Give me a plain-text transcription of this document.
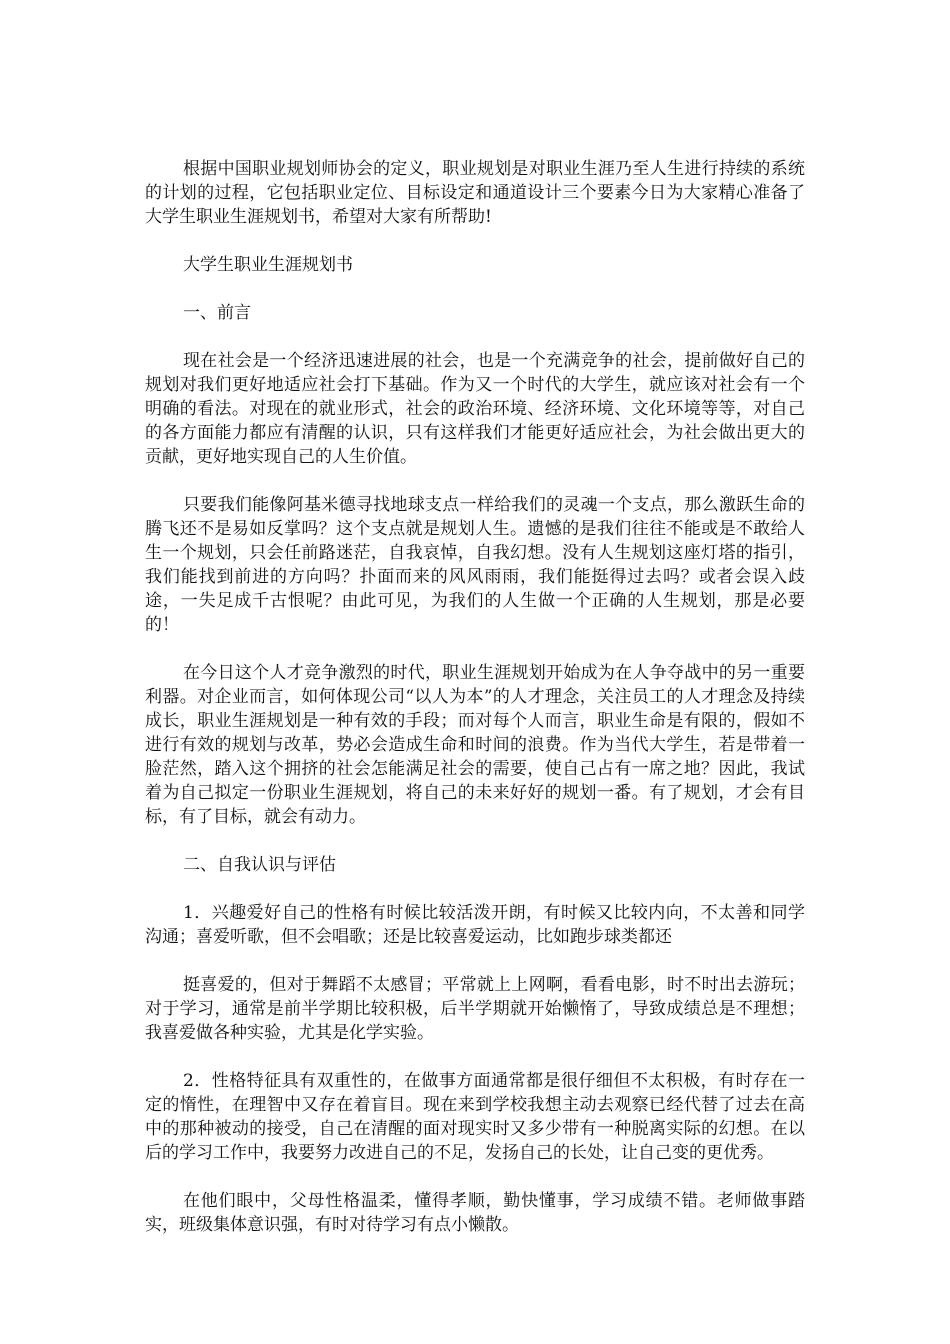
根据中国职业规划师协会的定义，职业规划是对职业生涯乃至人生进行持续的系统的计划的过程，它包括职业定位、目标设定和通道设计三个要素今日为大家精心准备了大学生职业生涯规划书，希望对大家有所帮助!

大学生职业生涯规划书

一、前言

现在社会是一个经济迅速进展的社会，也是一个充满竞争的社会，提前做好自己的规划对我们更好地适应社会打下基础。作为又一个时代的大学生，就应该对社会有一个明确的看法。对现在的就业形式，社会的政治环境、经济环境、文化环境等等，对自己的各方面能力都应有清醒的认识，只有这样我们才能更好适应社会，为社会做出更大的贡献，更好地实现自己的人生价值。

只要我们能像阿基米德寻找地球支点一样给我们的灵魂一个支点，那么激跃生命的腾飞还不是易如反掌吗？这个支点就是规划人生。遗憾的是我们往往不能或是不敢给人生一个规划，只会任前路迷茫，自我哀悼，自我幻想。没有人生规划这座灯塔的指引，我们能找到前进的方向吗？扑面而来的风风雨雨，我们能挺得过去吗？或者会误入歧途，一失足成千古恨呢？由此可见，为我们的人生做一个正确的人生规划，那是必要的！

在今日这个人才竞争激烈的时代，职业生涯规划开始成为在人争夺战中的另一重要利器。对企业而言，如何体现公司“以人为本”的人才理念，关注员工的人才理念及持续成长，职业生涯规划是一种有效的手段；而对每个人而言，职业生命是有限的，假如不进行有效的规划与改革，势必会造成生命和时间的浪费。作为当代大学生，若是带着一脸茫然，踏入这个拥挤的社会怎能满足社会的需要，使自己占有一席之地？因此，我试着为自己拟定一份职业生涯规划，将自己的未来好好的规划一番。有了规划，才会有目标，有了目标，就会有动力。

二、自我认识与评估

1．兴趣爱好自己的性格有时候比较活泼开朗，有时候又比较内向，不太善和同学沟通；喜爱听歌，但不会唱歌；还是比较喜爱运动，比如跑步球类都还

挺喜爱的，但对于舞蹈不太感冒；平常就上上网啊，看看电影，时不时出去游玩；对于学习，通常是前半学期比较积极，后半学期就开始懒惰了，导致成绩总是不理想；我喜爱做各种实验，尤其是化学实验。

2．性格特征具有双重性的，在做事方面通常都是很仔细但不太积极，有时存在一定的惰性，在理智中又存在着盲目。现在来到学校我想主动去观察已经代替了过去在高中的那种被动的接受，自己在清醒的面对现实时又多少带有一种脱离实际的幻想。在以后的学习工作中，我要努力改进自己的不足，发扬自己的长处，让自己变的更优秀。

在他们眼中，父母性格温柔，懂得孝顺，勤快懂事，学习成绩不错。老师做事踏实，班级集体意识强，有时对待学习有点小懒散。
